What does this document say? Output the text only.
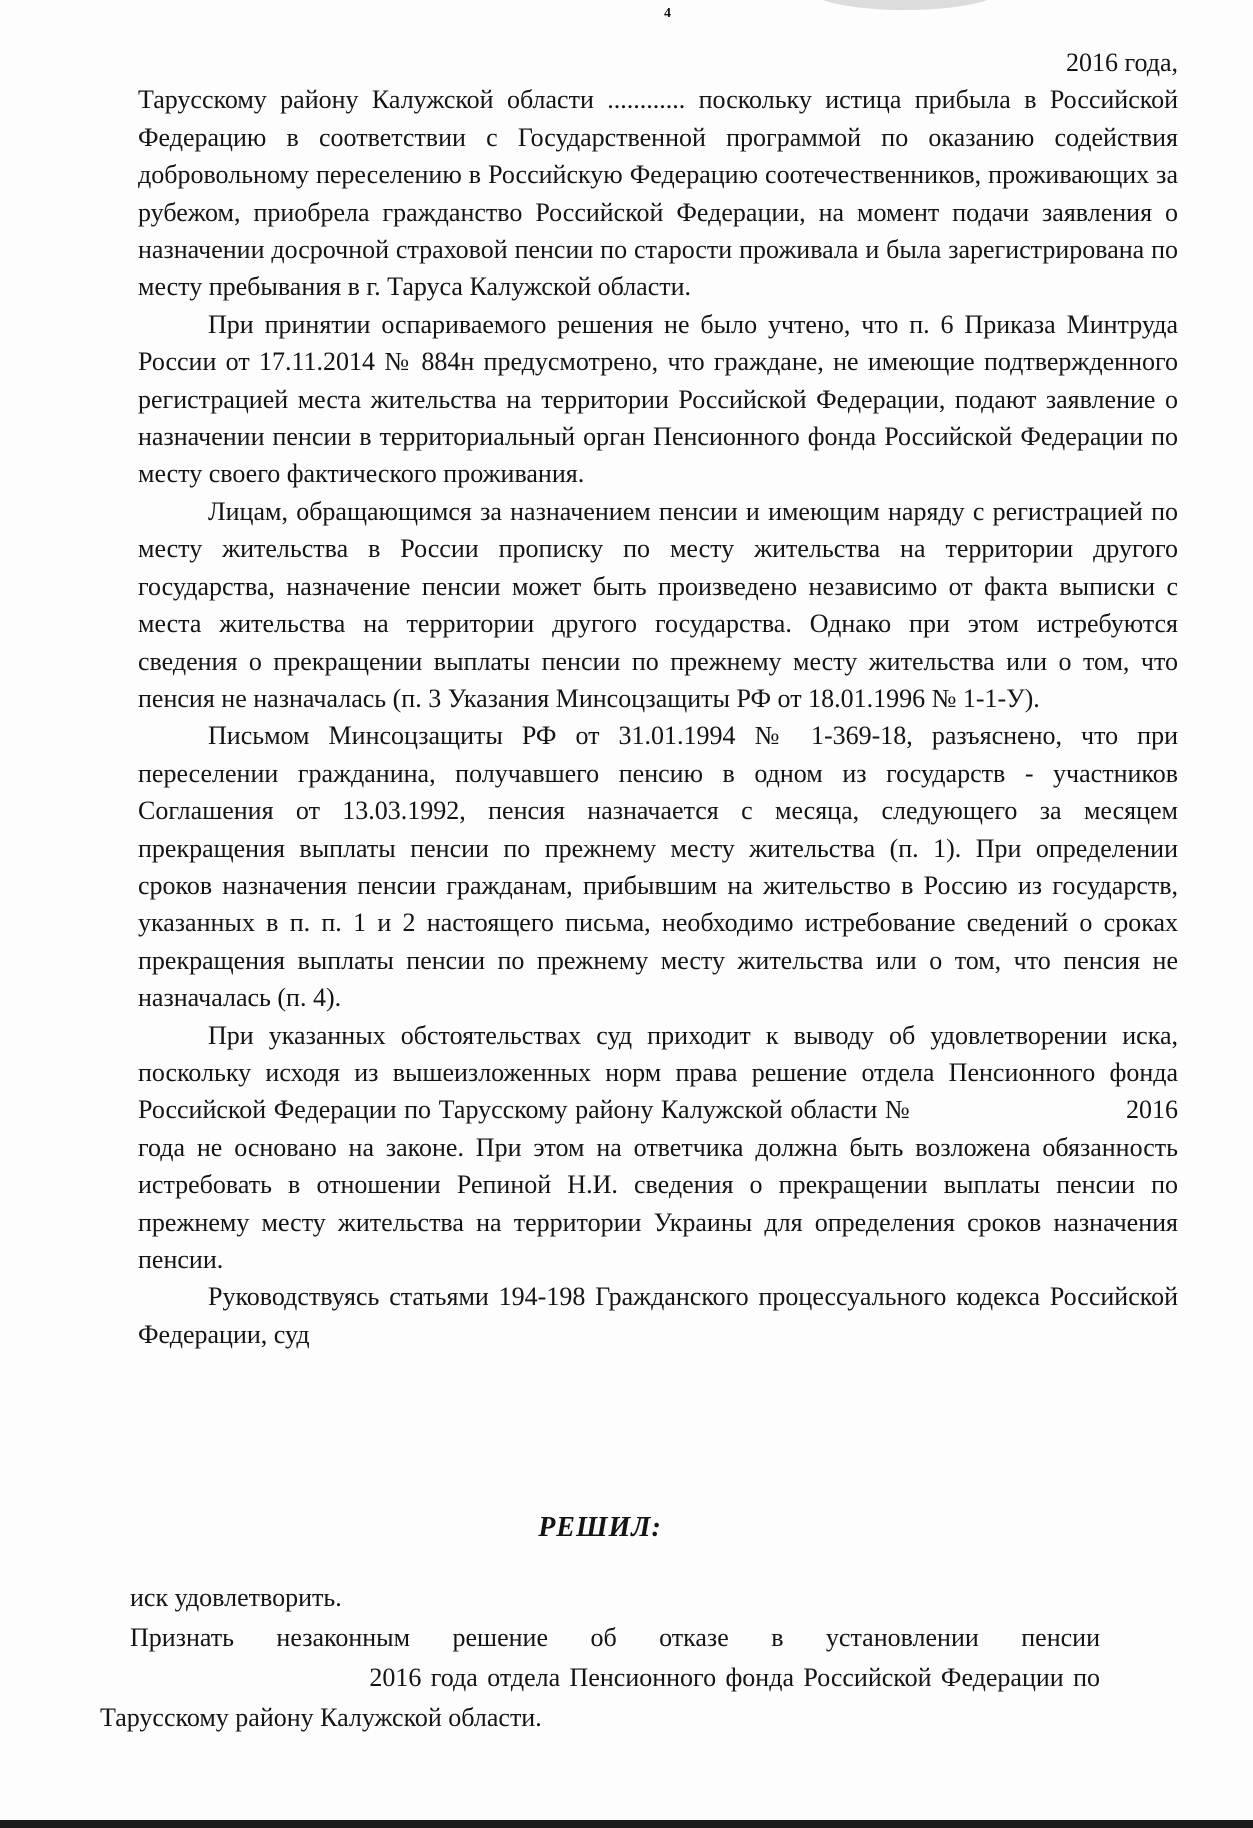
4

2016 года,

Тарусскому району Калужской области ............ поскольку истица прибыла в Российской Федерацию в соответствии с Государственной программой по оказанию содействия добровольному переселению в Российскую Федерацию соотечественников, проживающих за рубежом, приобрела гражданство Российской Федерации, на момент подачи заявления о назначении досрочной страховой пенсии по старости проживала и была зарегистрирована по месту пребывания в г. Таруса Калужской области.

При принятии оспариваемого решения не было учтено, что п. 6 Приказа Минтруда России от 17.11.2014 № 884н предусмотрено, что граждане, не имеющие подтвержденного регистрацией места жительства на территории Российской Федерации, подают заявление о назначении пенсии в территориальный орган Пенсионного фонда Российской Федерации по месту своего фактического проживания.

Лицам, обращающимся за назначением пенсии и имеющим наряду с регистрацией по месту жительства в России прописку по месту жительства на территории другого государства, назначение пенсии может быть произведено независимо от факта выписки с места жительства на территории другого государства. Однако при этом истребуются сведения о прекращении выплаты пенсии по прежнему месту жительства или о том, что пенсия не назначалась (п. 3 Указания Минсоцзащиты РФ от 18.01.1996 № 1-1-У).

Письмом Минсоцзащиты РФ от 31.01.1994 № 1-369-18, разъяснено, что при переселении гражданина, получавшего пенсию в одном из государств - участников Соглашения от 13.03.1992, пенсия назначается с месяца, следующего за месяцем прекращения выплаты пенсии по прежнему месту жительства (п. 1). При определении сроков назначения пенсии гражданам, прибывшим на жительство в Россию из государств, указанных в п. п. 1 и 2 настоящего письма, необходимо истребование сведений о сроках прекращения выплаты пенсии по прежнему месту жительства или о том, что пенсия не назначалась (п. 4).

При указанных обстоятельствах суд приходит к выводу об удовлетворении иска, поскольку исходя из вышеизложенных норм права решение отдела Пенсионного фонда Российской Федерации по Тарусскому району Калужской области №	2016 года не основано на законе. При этом на ответчика должна быть возложена обязанность истребовать в отношении Репиной Н.И. сведения о прекращении выплаты пенсии по прежнему месту жительства на территории Украины для определения сроков назначения пенсии.

Руководствуясь статьями 194-198 Гражданского процессуального кодекса Российской Федерации, суд

РЕШИЛ:

иск удовлетворить.

Признать незаконным решение об отказе в установлении пенсии  2016 года отдела Пенсионного фонда Российской Федерации по Тарусскому району Калужской области.
